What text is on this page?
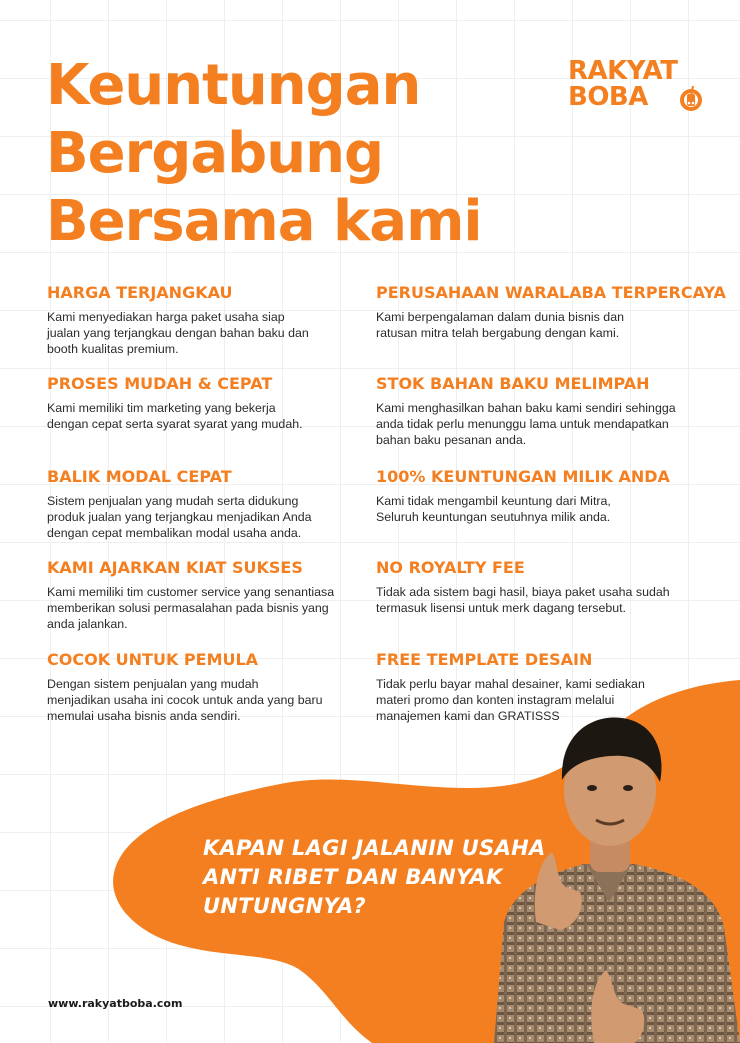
Keuntungan
Bergabung
Bersama kami
RAKYAT
BOBA
HARGA TERJANGKAU

Kami menyediakan harga paket usaha siap jualan yang terjangkau dengan bahan baku dan booth kualitas premium.

PERUSAHAAN WARALABA TERPERCAYA

Kami berpengalaman dalam dunia bisnis dan ratusan mitra telah bergabung dengan kami.

PROSES MUDAH & CEPAT

Kami memiliki tim marketing yang bekerja dengan cepat serta syarat syarat yang mudah.

STOK BAHAN BAKU MELIMPAH

Kami menghasilkan bahan baku kami sendiri sehingga anda tidak perlu menunggu lama untuk mendapatkan bahan baku pesanan anda.

BALIK MODAL CEPAT

Sistem penjualan yang mudah serta didukung produk jualan yang terjangkau menjadikan Anda dengan cepat membalikan modal usaha anda.

100% KEUNTUNGAN MILIK ANDA

Kami tidak mengambil keuntung dari Mitra, Seluruh keuntungan seutuhnya milik anda.

KAMI AJARKAN KIAT SUKSES

Kami memiliki tim customer service yang senantiasa memberikan solusi permasalahan pada bisnis yang anda jalankan.

NO ROYALTY FEE

Tidak ada sistem bagi hasil, biaya paket usaha sudah termasuk lisensi untuk merk dagang tersebut.

COCOK UNTUK PEMULA

Dengan sistem penjualan yang mudah menjadikan usaha ini cocok untuk anda yang baru memulai usaha bisnis anda sendiri.

FREE TEMPLATE DESAIN

Tidak perlu bayar mahal desainer, kami sediakan materi promo dan konten instagram melalui manajemen kami dan GRATISSS

KAPAN LAGI JALANIN USAHA
ANTI RIBET DAN BANYAK
UNTUNGNYA?
www.rakyatboba.com
